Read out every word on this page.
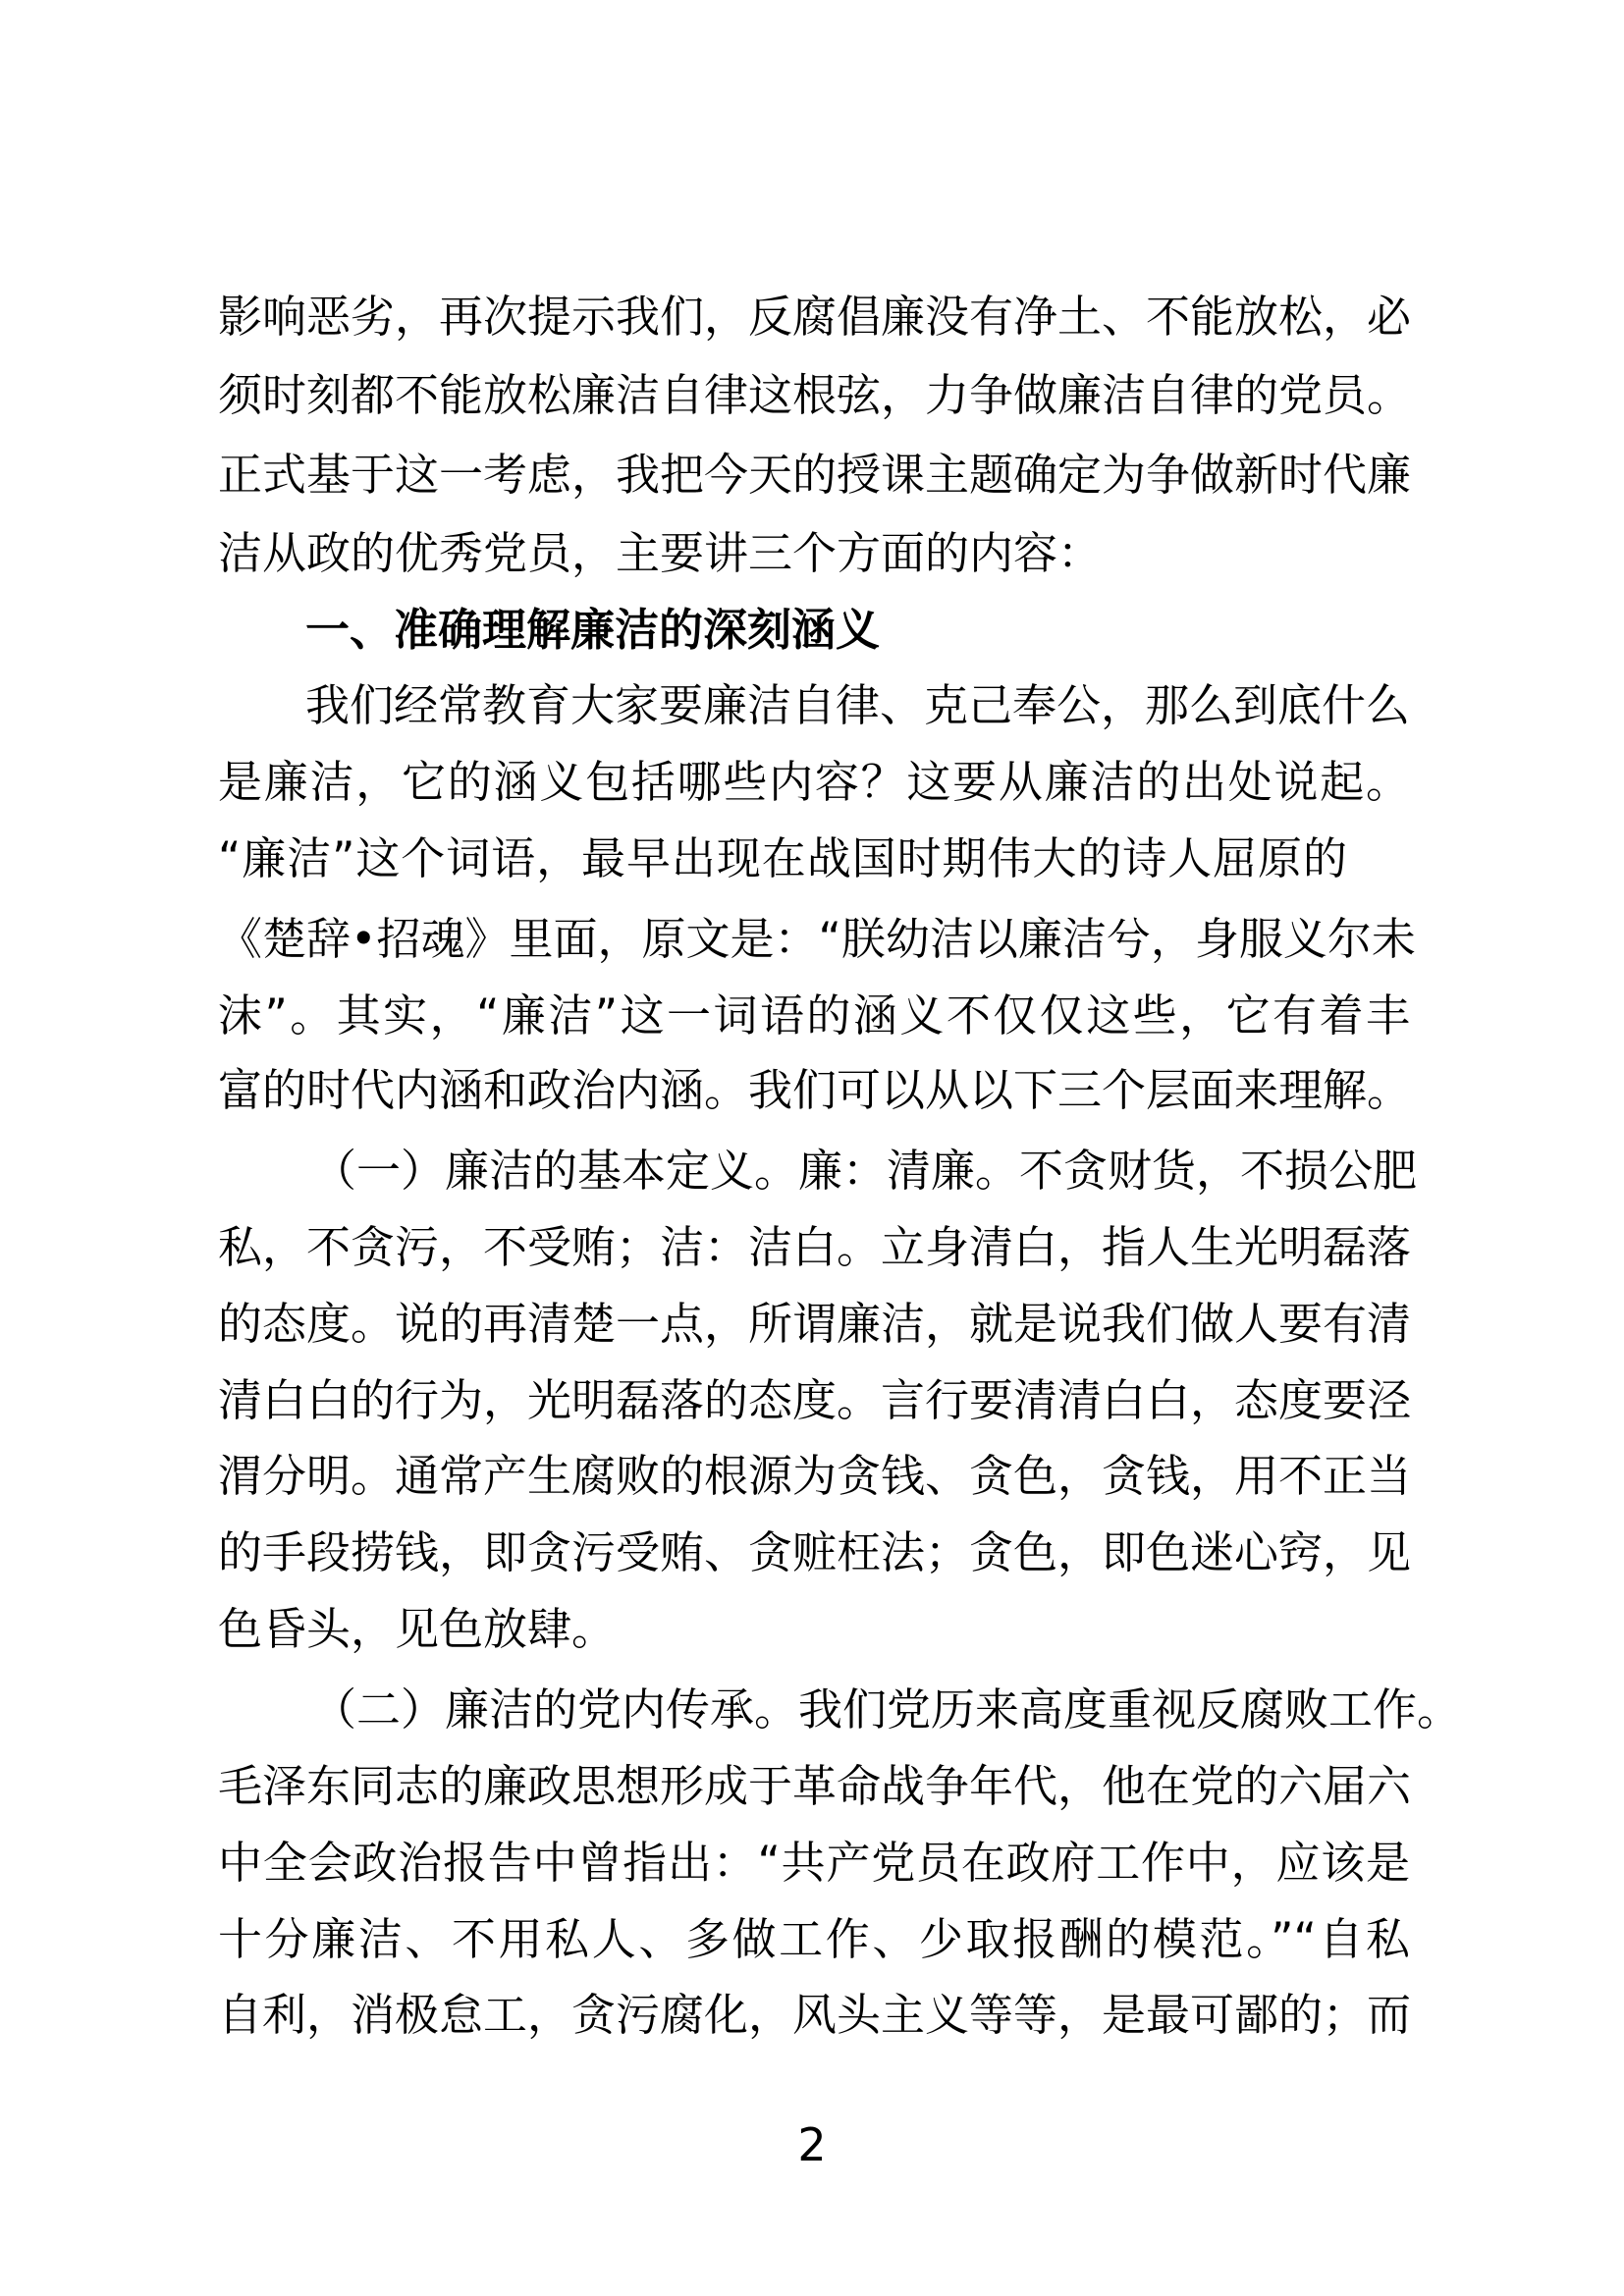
影响恶劣，再次提示我们，反腐倡廉没有净土、不能放松，必
须时刻都不能放松廉洁自律这根弦，力争做廉洁自律的党员。
正式基于这一考虑，我把今天的授课主题确定为争做新时代廉
洁从政的优秀党员，主要讲三个方面的内容：
一、准确理解廉洁的深刻涵义
我们经常教育大家要廉洁自律、克己奉公，那么到底什么
是廉洁，它的涵义包括哪些内容？这要从廉洁的出处说起。
“廉洁”这个词语，最早出现在战国时期伟大的诗人屈原的
《楚辞•招魂》里面，原文是：“朕幼洁以廉洁兮，身服义尔未
沫”。其实，“廉洁”这一词语的涵义不仅仅这些，它有着丰
富的时代内涵和政治内涵。我们可以从以下三个层面来理解。
（一）廉洁的基本定义。廉：清廉。不贪财货，不损公肥
私，不贪污，不受贿；洁：洁白。立身清白，指人生光明磊落
的态度。说的再清楚一点，所谓廉洁，就是说我们做人要有清
清白白的行为，光明磊落的态度。言行要清清白白，态度要泾
渭分明。通常产生腐败的根源为贪钱、贪色，贪钱，用不正当
的手段捞钱，即贪污受贿、贪赃枉法；贪色，即色迷心窍，见
色昏头，见色放肆。
（二）廉洁的党内传承。我们党历来高度重视反腐败工作。
毛泽东同志的廉政思想形成于革命战争年代，他在党的六届六
中全会政治报告中曾指出：“共产党员在政府工作中，应该是
十分廉洁、不用私人、多做工作、少取报酬的模范。”“自私
自利，消极怠工，贪污腐化，风头主义等等，是最可鄙的；而
2
